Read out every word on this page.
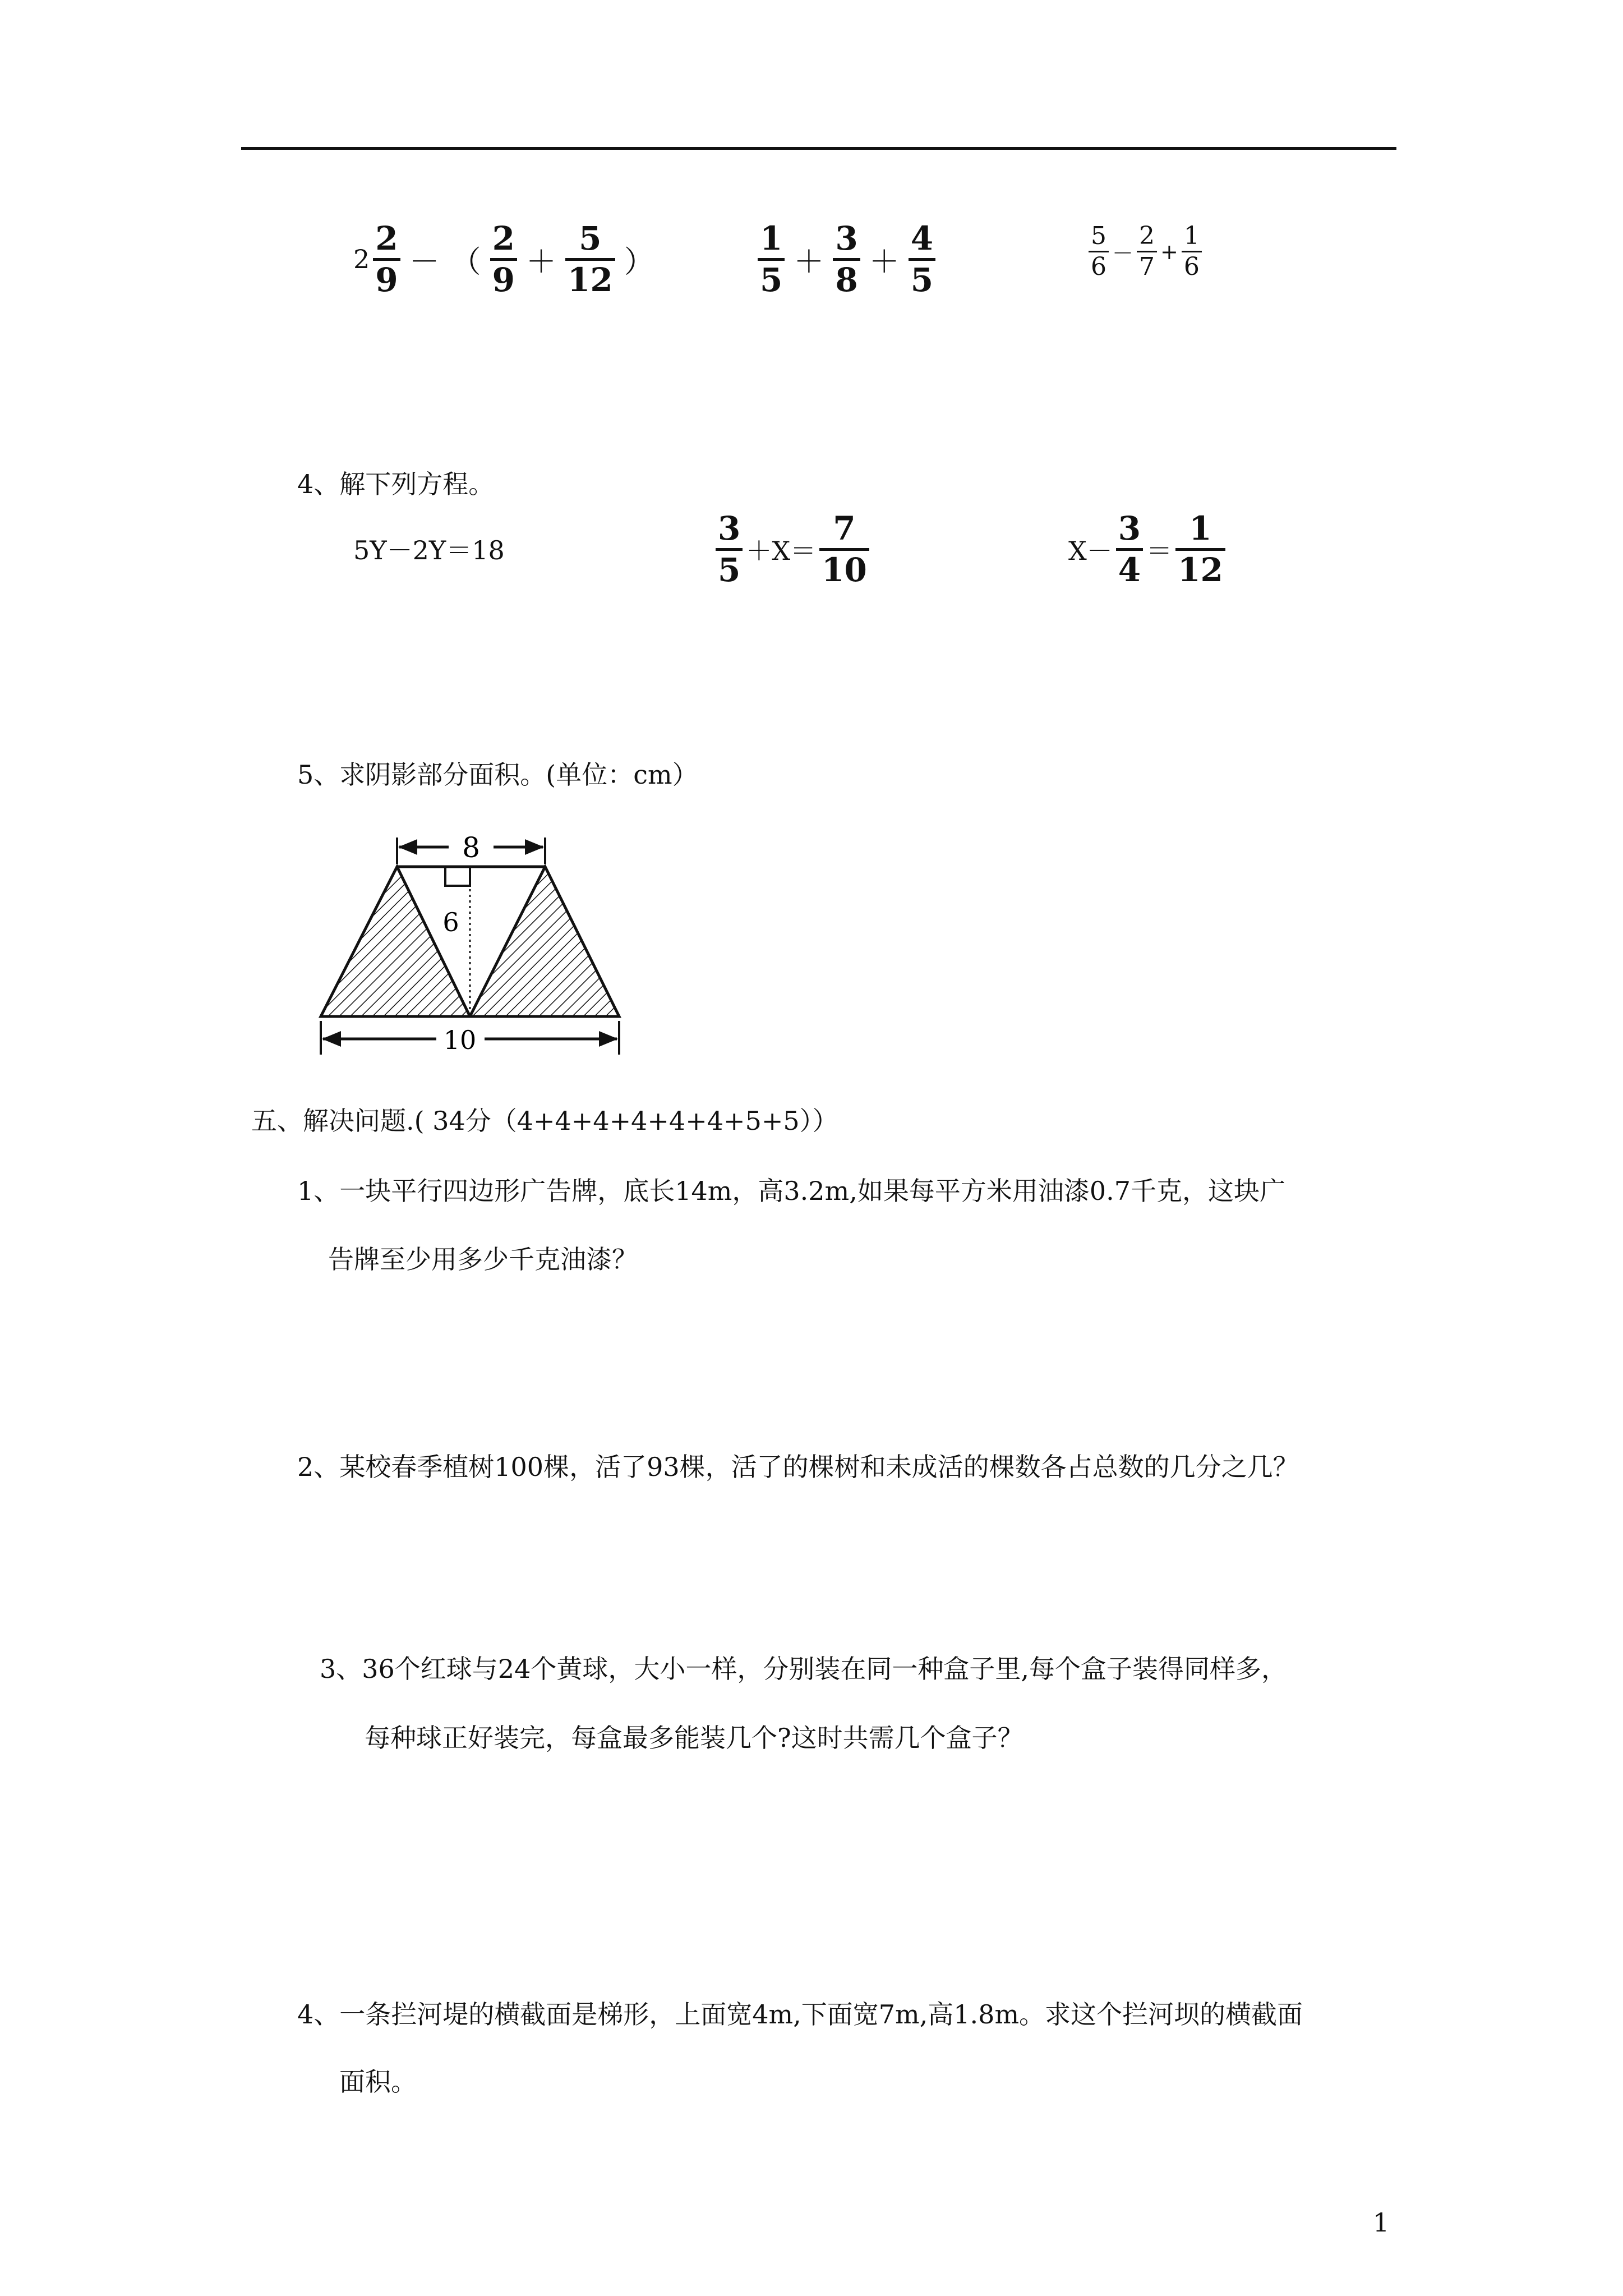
2
2
9 － （
2
9 ＋
5
12 ）
1
5 ＋
3
8 ＋
4
5	$\frac{5}{6} - \frac{2}{7} + \frac{1}{6}$
4、解下列方程。
5Y－2Y＝18
3
5 ＋X＝
7
10	X－
3
4 ＝
1
12
5、求阴影部分面积。(单位：cm）
8
6
10
五、解决问题.( 34分（4+4+4+4+4+4+5+5））
1、一块平行四边形广告牌，底长14m，高3.2m,如果每平方米用油漆0.7千克，这块广
告牌至少用多少千克油漆？
2、某校春季植树100棵，活了93棵，活了的棵树和未成活的棵数各占总数的几分之几？
3、36个红球与24个黄球，大小一样，分别装在同一种盒子里,每个盒子装得同样多，
每种球正好装完，每盒最多能装几个?这时共需几个盒子？
4、一条拦河堤的横截面是梯形，上面宽4m,下面宽7m,高1.8m。求这个拦河坝的横截面
面积。
1
